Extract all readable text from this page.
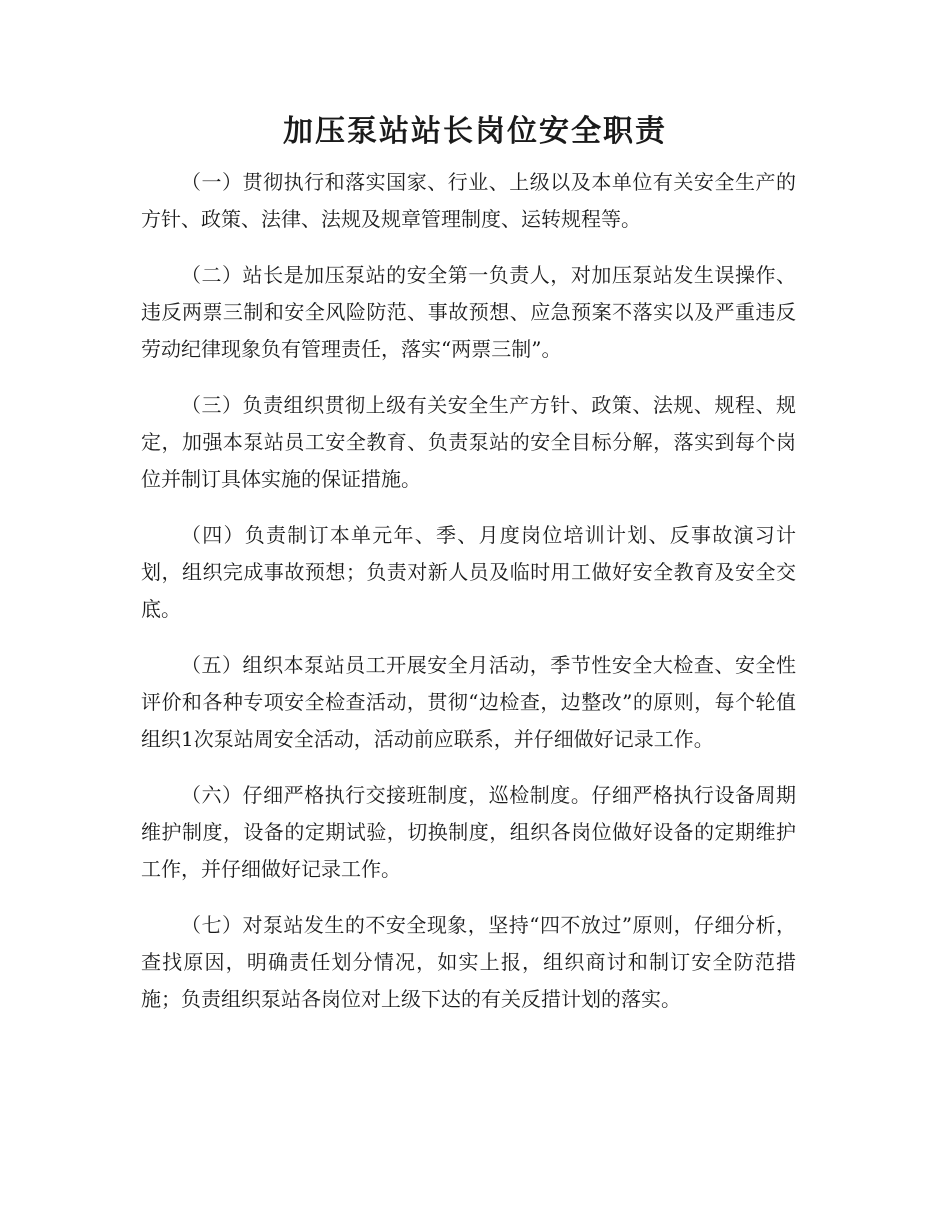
加压泵站站长岗位安全职责

（一）贯彻执行和落实国家、行业、上级以及本单位有关安全生产的方针、政策、法律、法规及规章管理制度、运转规程等。

（二）站长是加压泵站的安全第一负责人，对加压泵站发生误操作、违反两票三制和安全风险防范、事故预想、应急预案不落实以及严重违反劳动纪律现象负有管理责任，落实“两票三制”。

（三）负责组织贯彻上级有关安全生产方针、政策、法规、规程、规定，加强本泵站员工安全教育、负责泵站的安全目标分解，落实到每个岗位并制订具体实施的保证措施。

（四）负责制订本单元年、季、月度岗位培训计划、反事故演习计划，组织完成事故预想；负责对新人员及临时用工做好安全教育及安全交底。

（五）组织本泵站员工开展安全月活动，季节性安全大检查、安全性评价和各种专项安全检查活动，贯彻“边检查，边整改”的原则，每个轮值组织1次泵站周安全活动，活动前应联系，并仔细做好记录工作。

（六）仔细严格执行交接班制度，巡检制度。仔细严格执行设备周期维护制度，设备的定期试验，切换制度，组织各岗位做好设备的定期维护工作，并仔细做好记录工作。

（七）对泵站发生的不安全现象，坚持“四不放过”原则，仔细分析，查找原因，明确责任划分情况，如实上报，组织商讨和制订安全防范措施；负责组织泵站各岗位对上级下达的有关反措计划的落实。
